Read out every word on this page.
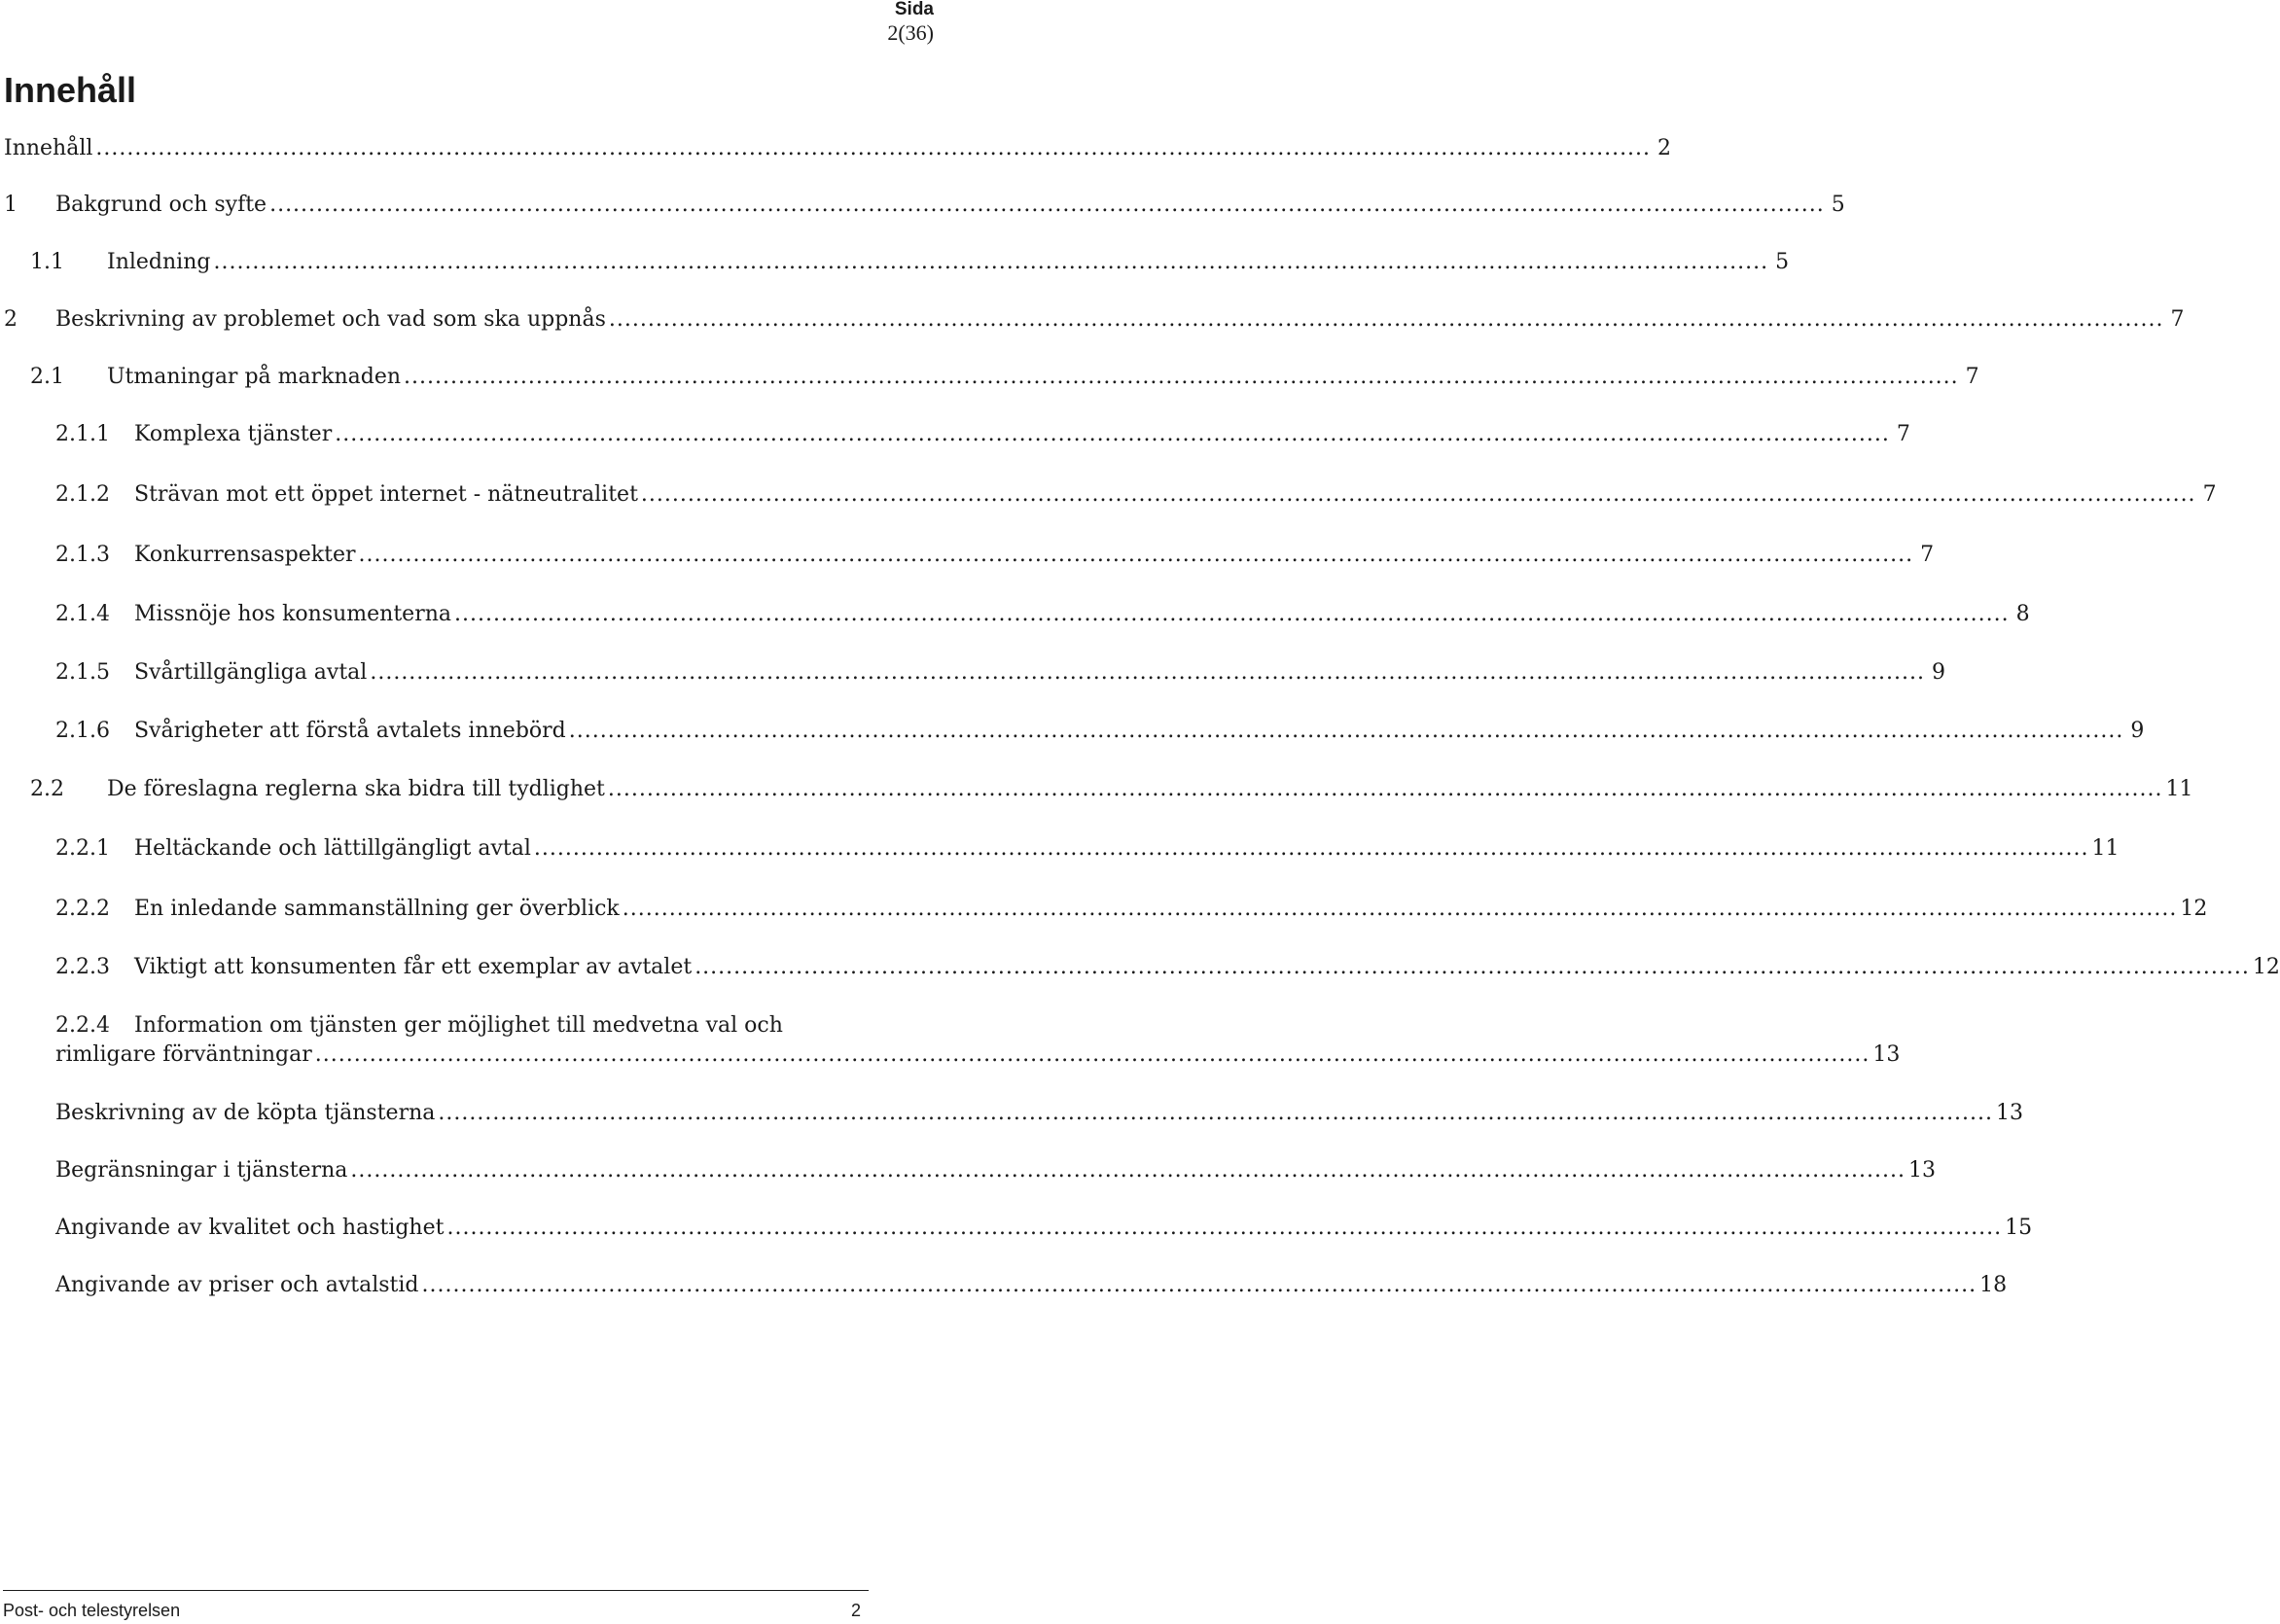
Sida
2(36)
Innehåll
Innehåll ........................................................................................................................................................................................................ 2
1	Bakgrund och syfte ........................................................................................................................................................................................................ 5
1.1	Inledning ........................................................................................................................................................................................................ 5
2	Beskrivning av problemet och vad som ska uppnås ........................................................................................................................................................................................................ 7
2.1	Utmaningar på marknaden ........................................................................................................................................................................................................ 7
2.1.1	Komplexa tjänster ........................................................................................................................................................................................................ 7
2.1.2	Strävan mot ett öppet internet - nätneutralitet ........................................................................................................................................................................................................ 7
2.1.3	Konkurrensaspekter ........................................................................................................................................................................................................ 7
2.1.4	Missnöje hos konsumenterna ........................................................................................................................................................................................................ 8
2.1.5	Svårtillgängliga avtal ........................................................................................................................................................................................................ 9
2.1.6	Svårigheter att förstå avtalets innebörd ........................................................................................................................................................................................................ 9
2.2	De föreslagna reglerna ska bidra till tydlighet ........................................................................................................................................................................................................ 11
2.2.1	Heltäckande och lättillgängligt avtal ........................................................................................................................................................................................................ 11
2.2.2	En inledande sammanställning ger överblick ........................................................................................................................................................................................................ 12
2.2.3	Viktigt att konsumenten får ett exemplar av avtalet ........................................................................................................................................................................................................ 12
2.2.4 Information om tjänsten ger möjlighet till medvetna val och
rimligare förväntningar ........................................................................................................................................................................................................ 13
Beskrivning av de köpta tjänsterna ........................................................................................................................................................................................................ 13
Begränsningar i tjänsterna ........................................................................................................................................................................................................ 13
Angivande av kvalitet och hastighet ........................................................................................................................................................................................................ 15
Angivande av priser och avtalstid ........................................................................................................................................................................................................ 18
Post- och telestyrelsen	2
